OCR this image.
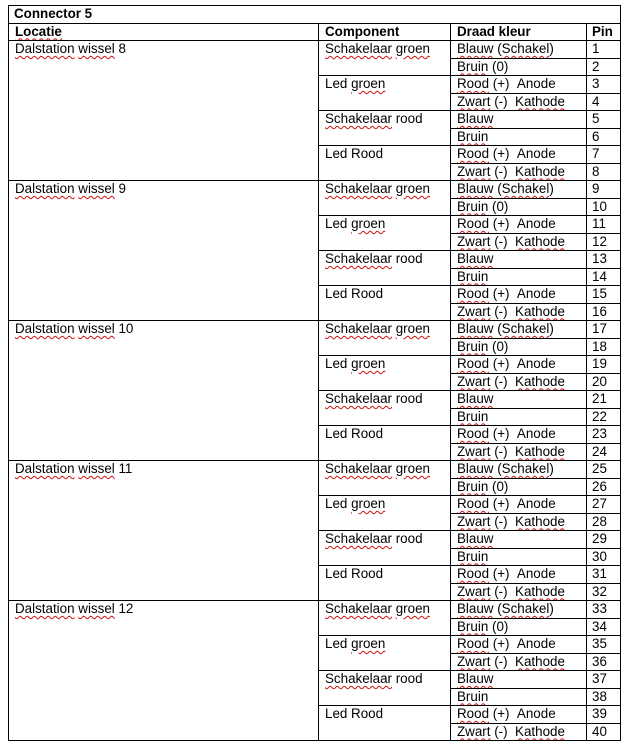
Connector 5			
Locatie	Component	Draad kleur	Pin
Dalstation wissel 8	Schakelaar groen	Blauw (Schakel)	1
		Bruin (0)	2
	Led groen	Rood (+)  Anode	3
		Zwart (-)  Kathode	4
	Schakelaar rood	Blauw	5
		Bruin	6
	Led Rood	Rood (+)  Anode	7
		Zwart (-)  Kathode	8
Dalstation wissel 9	Schakelaar groen	Blauw (Schakel)	9
		Bruin (0)	10
	Led groen	Rood (+)  Anode	11
		Zwart (-)  Kathode	12
	Schakelaar rood	Blauw	13
		Bruin	14
	Led Rood	Rood (+)  Anode	15
		Zwart (-)  Kathode	16
Dalstation wissel 10	Schakelaar groen	Blauw (Schakel)	17
		Bruin (0)	18
	Led groen	Rood (+)  Anode	19
		Zwart (-)  Kathode	20
	Schakelaar rood	Blauw	21
		Bruin	22
	Led Rood	Rood (+)  Anode	23
		Zwart (-)  Kathode	24
Dalstation wissel 11	Schakelaar groen	Blauw (Schakel)	25
		Bruin (0)	26
	Led groen	Rood (+)  Anode	27
		Zwart (-)  Kathode	28
	Schakelaar rood	Blauw	29
		Bruin	30
	Led Rood	Rood (+)  Anode	31
		Zwart (-)  Kathode	32
Dalstation wissel 12	Schakelaar groen	Blauw (Schakel)	33
		Bruin (0)	34
	Led groen	Rood (+)  Anode	35
		Zwart (-)  Kathode	36
	Schakelaar rood	Blauw	37
		Bruin	38
	Led Rood	Rood (+)  Anode	39
		Zwart (-)  Kathode	40
